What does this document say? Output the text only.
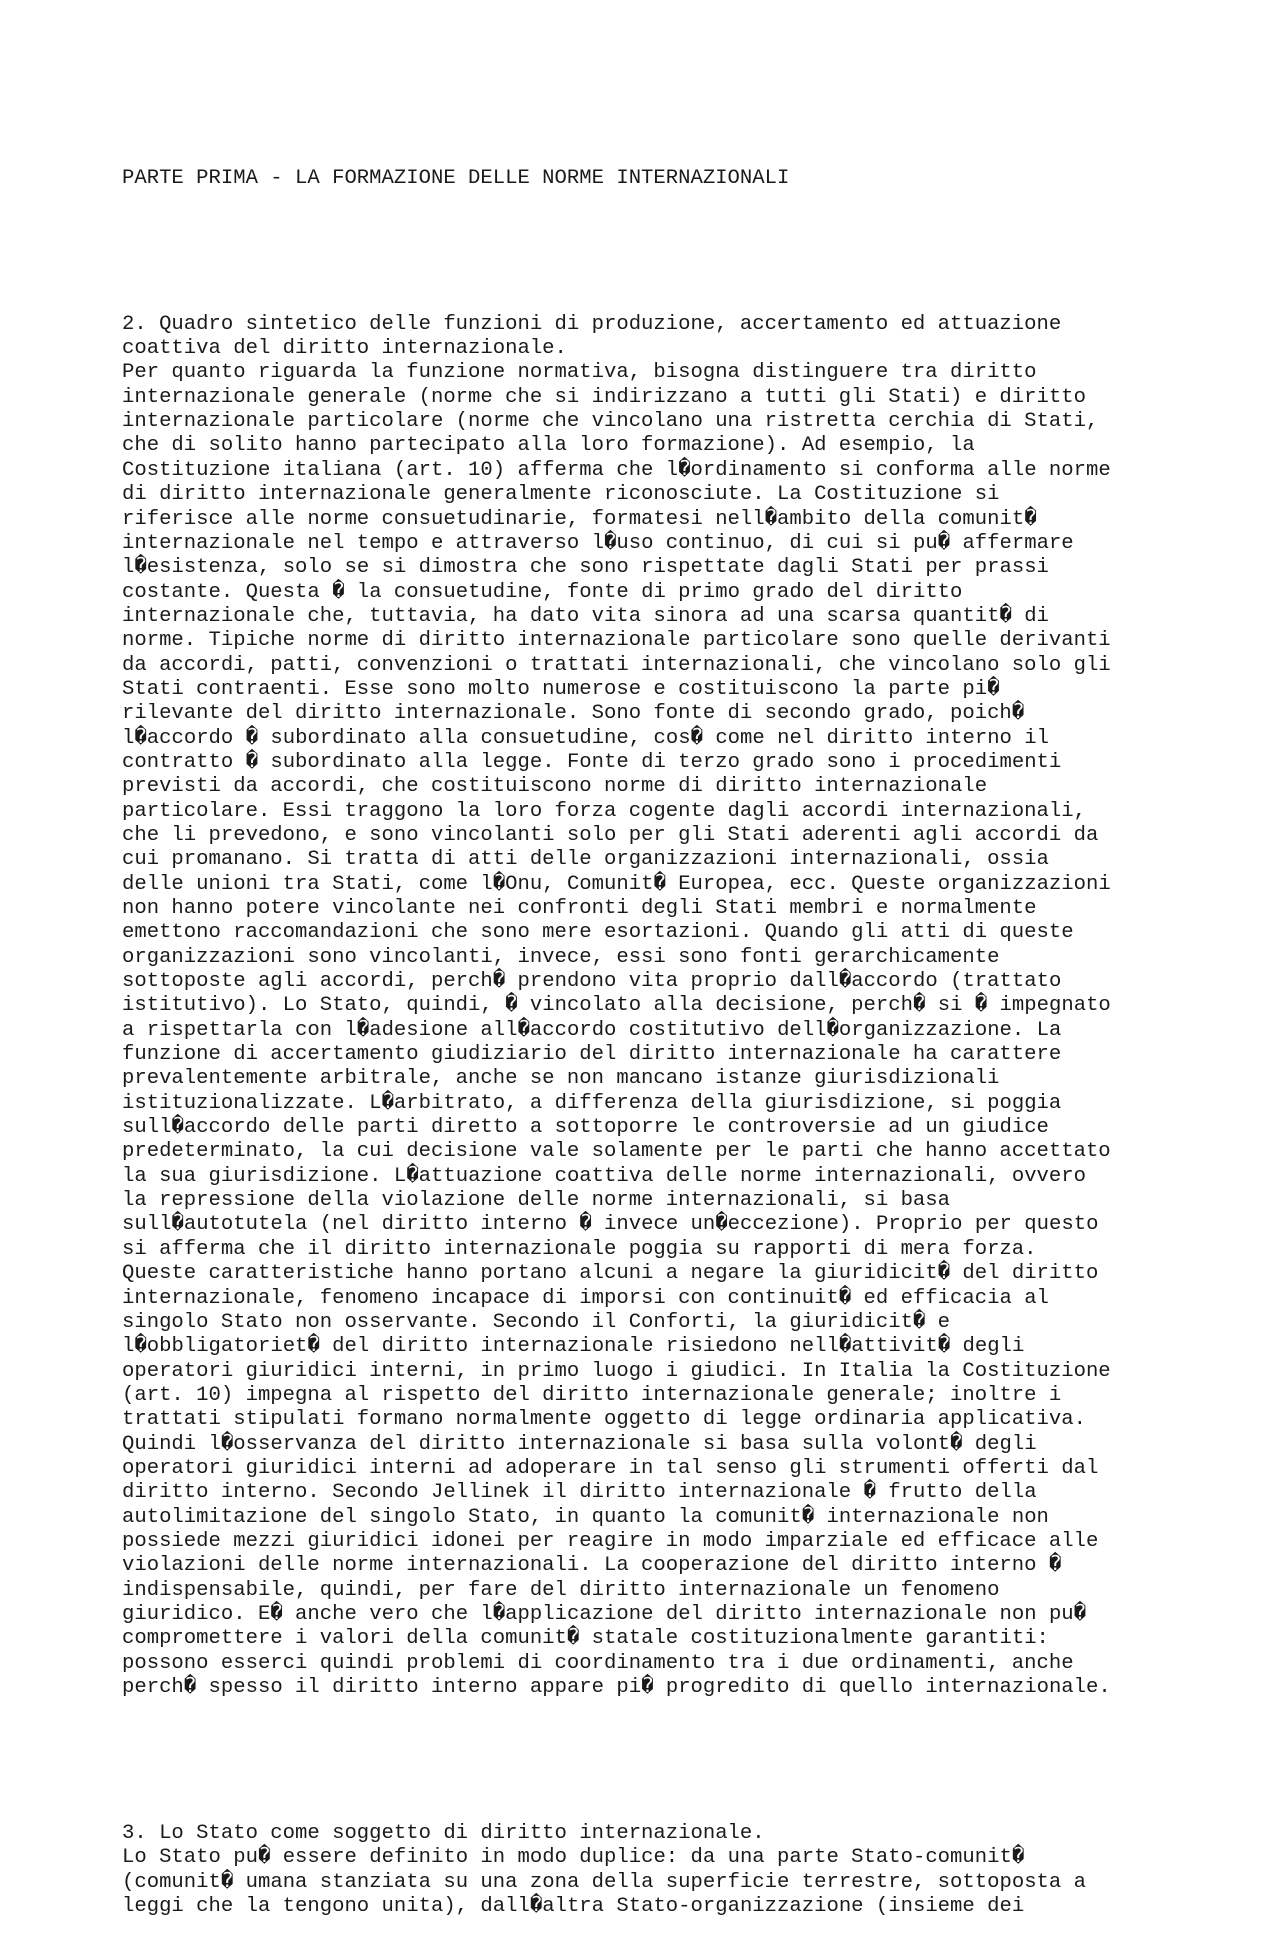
PARTE PRIMA - LA FORMAZIONE DELLE NORME INTERNAZIONALI

2. Quadro sintetico delle funzioni di produzione, accertamento ed attuazione
coattiva del diritto internazionale.
Per quanto riguarda la funzione normativa, bisogna distinguere tra diritto
internazionale generale (norme che si indirizzano a tutti gli Stati) e diritto
internazionale particolare (norme che vincolano una ristretta cerchia di Stati,
che di solito hanno partecipato alla loro formazione). Ad esempio, la
Costituzione italiana (art. 10) afferma che l�ordinamento si conforma alle norme
di diritto internazionale generalmente riconosciute. La Costituzione si
riferisce alle norme consuetudinarie, formatesi nell�ambito della comunit�
internazionale nel tempo e attraverso l�uso continuo, di cui si pu� affermare
l�esistenza, solo se si dimostra che sono rispettate dagli Stati per prassi
costante. Questa � la consuetudine, fonte di primo grado del diritto
internazionale che, tuttavia, ha dato vita sinora ad una scarsa quantit� di
norme. Tipiche norme di diritto internazionale particolare sono quelle derivanti
da accordi, patti, convenzioni o trattati internazionali, che vincolano solo gli
Stati contraenti. Esse sono molto numerose e costituiscono la parte pi�
rilevante del diritto internazionale. Sono fonte di secondo grado, poich�
l�accordo � subordinato alla consuetudine, cos� come nel diritto interno il
contratto � subordinato alla legge. Fonte di terzo grado sono i procedimenti
previsti da accordi, che costituiscono norme di diritto internazionale
particolare. Essi traggono la loro forza cogente dagli accordi internazionali,
che li prevedono, e sono vincolanti solo per gli Stati aderenti agli accordi da
cui promanano. Si tratta di atti delle organizzazioni internazionali, ossia
delle unioni tra Stati, come l�Onu, Comunit� Europea, ecc. Queste organizzazioni
non hanno potere vincolante nei confronti degli Stati membri e normalmente
emettono raccomandazioni che sono mere esortazioni. Quando gli atti di queste
organizzazioni sono vincolanti, invece, essi sono fonti gerarchicamente
sottoposte agli accordi, perch� prendono vita proprio dall�accordo (trattato
istitutivo). Lo Stato, quindi, � vincolato alla decisione, perch� si � impegnato
a rispettarla con l�adesione all�accordo costitutivo dell�organizzazione. La
funzione di accertamento giudiziario del diritto internazionale ha carattere
prevalentemente arbitrale, anche se non mancano istanze giurisdizionali
istituzionalizzate. L�arbitrato, a differenza della giurisdizione, si poggia
sull�accordo delle parti diretto a sottoporre le controversie ad un giudice
predeterminato, la cui decisione vale solamente per le parti che hanno accettato
la sua giurisdizione. L�attuazione coattiva delle norme internazionali, ovvero
la repressione della violazione delle norme internazionali, si basa
sull�autotutela (nel diritto interno � invece un�eccezione). Proprio per questo
si afferma che il diritto internazionale poggia su rapporti di mera forza.
Queste caratteristiche hanno portano alcuni a negare la giuridicit� del diritto
internazionale, fenomeno incapace di imporsi con continuit� ed efficacia al
singolo Stato non osservante. Secondo il Conforti, la giuridicit� e
l�obbligatoriet� del diritto internazionale risiedono nell�attivit� degli
operatori giuridici interni, in primo luogo i giudici. In Italia la Costituzione
(art. 10) impegna al rispetto del diritto internazionale generale; inoltre i
trattati stipulati formano normalmente oggetto di legge ordinaria applicativa.
Quindi l�osservanza del diritto internazionale si basa sulla volont� degli
operatori giuridici interni ad adoperare in tal senso gli strumenti offerti dal
diritto interno. Secondo Jellinek il diritto internazionale � frutto della
autolimitazione del singolo Stato, in quanto la comunit� internazionale non
possiede mezzi giuridici idonei per reagire in modo imparziale ed efficace alle
violazioni delle norme internazionali. La cooperazione del diritto interno �
indispensabile, quindi, per fare del diritto internazionale un fenomeno
giuridico. E� anche vero che l�applicazione del diritto internazionale non pu�
compromettere i valori della comunit� statale costituzionalmente garantiti:
possono esserci quindi problemi di coordinamento tra i due ordinamenti, anche
perch� spesso il diritto interno appare pi� progredito di quello internazionale.

3. Lo Stato come soggetto di diritto internazionale.
Lo Stato pu� essere definito in modo duplice: da una parte Stato-comunit�
(comunit� umana stanziata su una zona della superficie terrestre, sottoposta a
leggi che la tengono unita), dall�altra Stato-organizzazione (insieme dei
